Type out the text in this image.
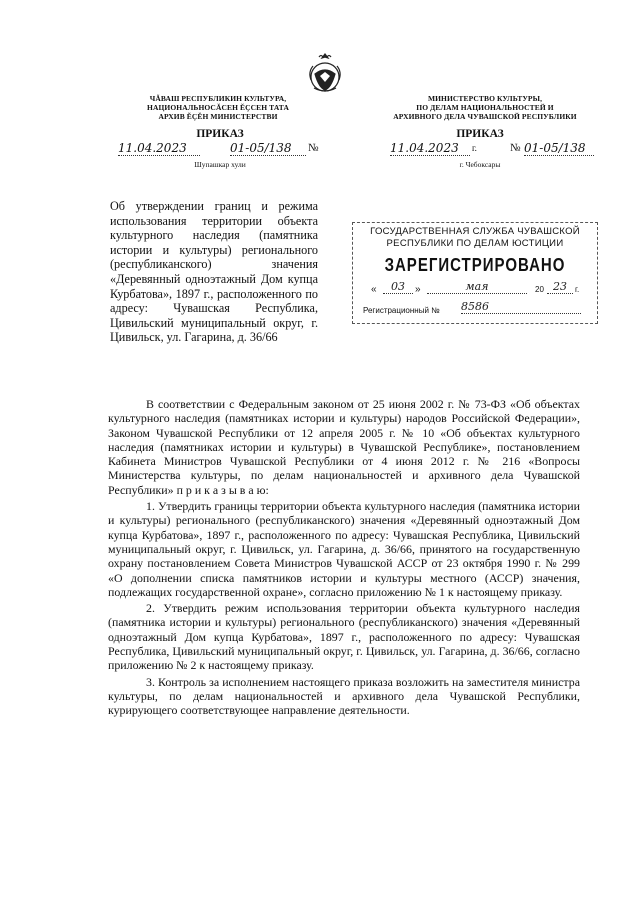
ЧĂВАШ РЕСПУБЛИКИН КУЛЬТУРА,
НАЦИОНАЛЬНОСĂСЕН ĔÇСЕН ТАТА
АРХИВ ĔÇĔН МИНИСТЕРСТВИ
МИНИСТЕРСТВО КУЛЬТУРЫ,
ПО ДЕЛАМ НАЦИОНАЛЬНОСТЕЙ И
АРХИВНОГО ДЕЛА ЧУВАШСКОЙ РЕСПУБЛИКИ
ПРИКАЗ
11.04.2023	01-05/138	№
Шупашкар хули
ПРИКАЗ
11.04.2023	г.	№ 01-05/138
г. Чебоксары
Об утверждении границ и режима использования территории объекта культурного наследия (памятника истории и культуры) регионального (республиканского) значения «Деревянный одноэтажный Дом купца Курбатова», 1897 г., расположенного по адресу: Чувашская Республика, Цивильский муниципальный округ, г. Цивильск, ул. Гагарина, д. 36/66
ГОСУДАРСТВЕННАЯ СЛУЖБА ЧУВАШСКОЙ
РЕСПУБЛИКИ ПО ДЕЛАМ ЮСТИЦИИ
ЗАРЕГИСТРИРОВАНО
«	03	»	мая	20 23	г.
Регистрационный № 8586

В соответствии с Федеральным законом от 25 июня 2002 г. № 73-ФЗ «Об объектах культурного наследия (памятниках истории и культуры) народов Российской Федерации», Законом Чувашской Республики от 12 апреля 2005 г. № 10 «Об объектах культурного наследия (памятниках истории и культуры) в Чувашской Республике», постановлением Кабинета Министров Чувашской Республики от 4 июня 2012 г. № 216 «Вопросы Министерства культуры, по делам национальностей и архивного дела Чувашской Республики» п р и к а з ы в а ю:

1. Утвердить границы территории объекта культурного наследия (памятника истории и культуры) регионального (республиканского) значения «Деревянный одноэтажный Дом купца Курбатова», 1897 г., расположенного по адресу: Чувашская Республика, Цивильский муниципальный округ, г. Цивильск, ул. Гагарина, д. 36/66, принятого на государственную охрану постановлением Совета Министров Чувашской АССР от 23 октября 1990 г. № 299 «О дополнении списка памятников истории и культуры местного (АССР) значения, подлежащих государственной охране», согласно приложению № 1 к настоящему приказу.

2. Утвердить режим использования территории объекта культурного наследия (памятника истории и культуры) регионального (республиканского) значения «Деревянный одноэтажный Дом купца Курбатова», 1897 г., расположенного по адресу: Чувашская Республика, Цивильский муниципальный округ, г. Цивильск, ул. Гагарина, д. 36/66, согласно приложению № 2 к настоящему приказу.

3. Контроль за исполнением настоящего приказа возложить на заместителя министра культуры, по делам национальностей и архивного дела Чувашской Республики, курирующего соответствующее направление деятельности.
